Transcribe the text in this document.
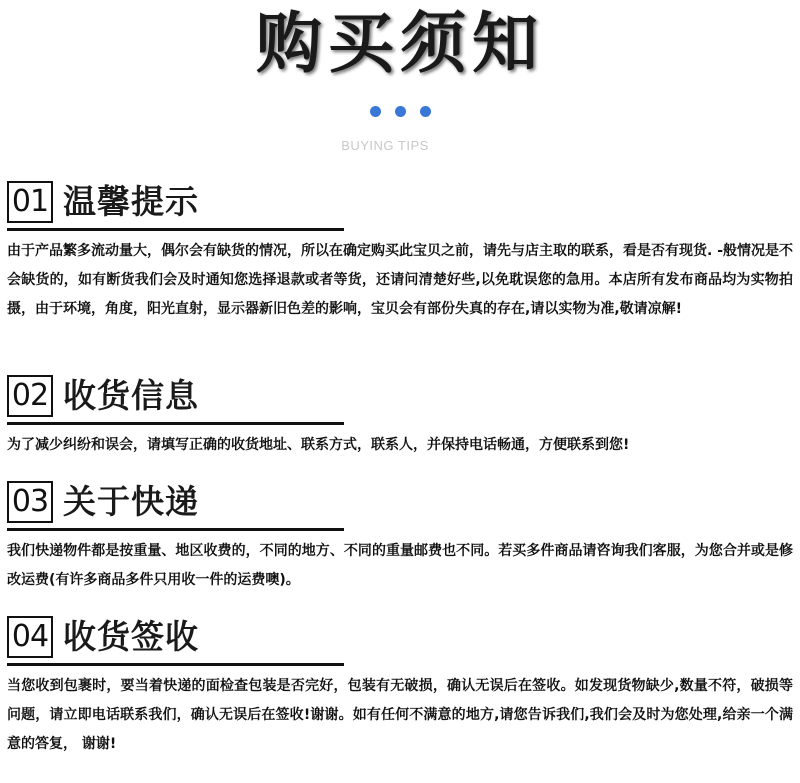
购买须知
BUYING TIPS
01 温馨提示
由于产品繁多流动量大，偶尔会有缺货的情况，所以在确定购买此宝贝之前，请先与店主取的联系，看是否有现货. -般情况是不会缺货的，如有断货我们会及时通知您选择退款或者等货，还请问清楚好些,以免耽误您的急用。本店所有发布商品均为实物拍摄，由于环境，角度，阳光直射，显示器新旧色差的影响，宝贝会有部份失真的存在,请以实物为准,敬请凉解!
02 收货信息
为了减少纠纷和误会，请填写正确的收货地址、联系方式，联系人，并保持电话畅通，方便联系到您!
03 关于快递
我们快递物件都是按重量、地区收费的，不同的地方、不同的重量邮费也不同。若买多件商品请咨询我们客服，为您合并或是修改运费(有许多商品多件只用收一件的运费噢)。
04 收货签收
当您收到包裹时，要当着快递的面检查包装是否完好，包装有无破损，确认无误后在签收。如发现货物缺少,数量不符，破损等问题，请立即电话联系我们，确认无误后在签收!谢谢。如有任何不满意的地方,请您告诉我们,我们会及时为您处理,给亲一个满意的答复， 谢谢!
